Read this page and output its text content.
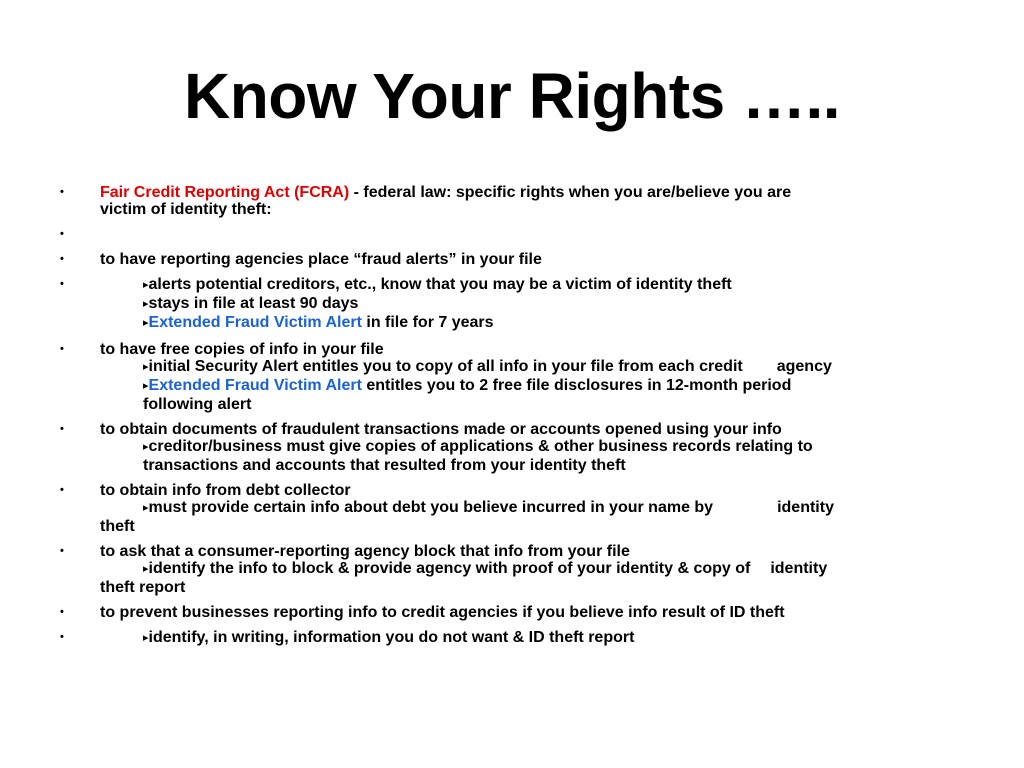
Know Your Rights …..
•	Fair Credit Reporting Act (FCRA) - federal law: specific rights when you are/believe you are
victim of identity theft:
•

•	to have reporting agencies place “fraud alerts” in your file
•	▸alerts potential creditors, etc., know that you may be a victim of identity theft
▸stays in file at least 90 days
▸Extended Fraud Victim Alert in file for 7 years
•	to have free copies of info in your file
▸initial Security Alert entitles you to copy of all info in your file from each credit agency
▸Extended Fraud Victim Alert entitles you to 2 free file disclosures in 12-month period
following alert
•	to obtain documents of fraudulent transactions made or accounts opened using your info
▸creditor/business must give copies of applications & other business records relating to
transactions and accounts that resulted from your identity theft
•	to obtain info from debt collector
▸must provide certain info about debt you believe incurred in your name by	identity
theft
•	to ask that a consumer-reporting agency block that info from your file
▸identify the info to block & provide agency with proof of your identity & copy of identity
theft report
•	to prevent businesses reporting info to credit agencies if you believe info result of ID theft
•	▸identify, in writing, information you do not want & ID theft report
